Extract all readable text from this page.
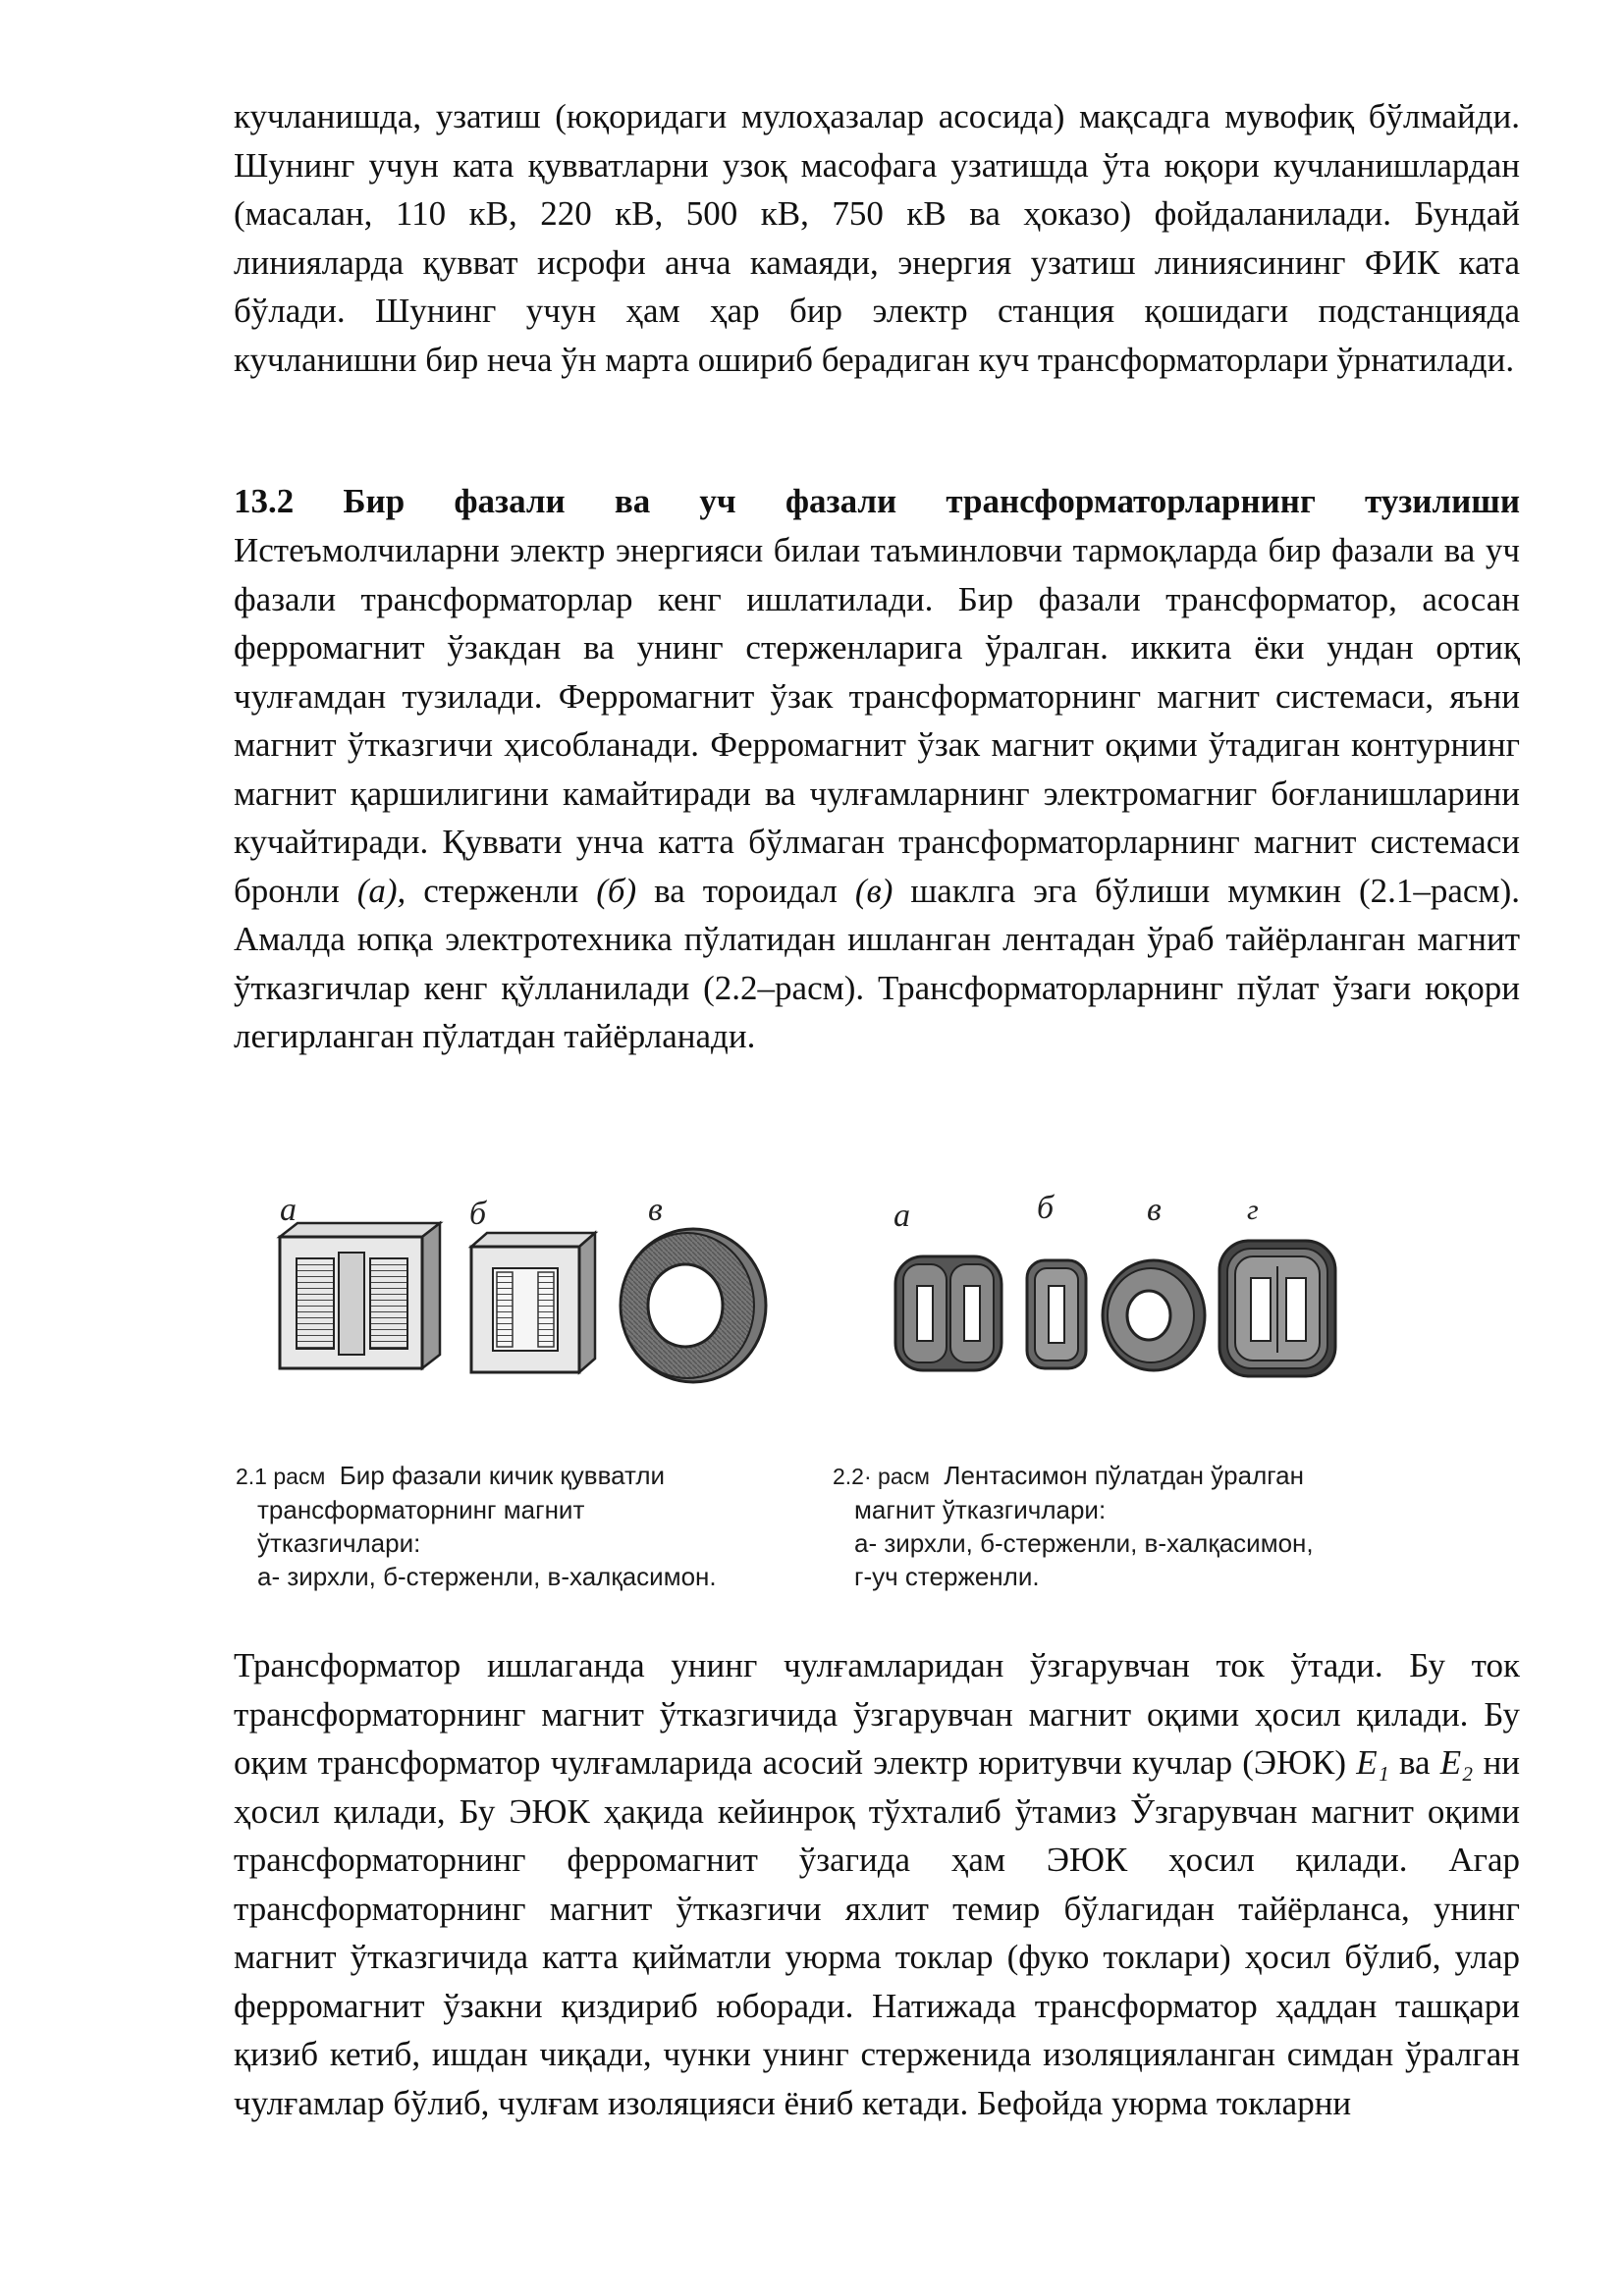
кучланишда, узатиш (юқоридаги мулоҳазалар асосида) мақсадга мувофиқ бўлмайди. Шунинг учун ката қувватларни узоқ масофага узатишда ўта юқори кучланишлардан (масалан, 110 кВ, 220 кВ, 500 кВ, 750 кВ ва ҳоказо) фойдаланилади. Бундай линияларда қувват исрофи анча камаяди, энергия узатиш линиясининг ФИК ката бўлади. Шунинг учун ҳам ҳар бир электр станция қошидаги подстанцияда кучланишни бир неча ўн марта ошириб берадиган куч трансформаторлари ўрнатилади.

13.2 Бир фазали ва уч фазали трансформаторларнинг тузилиши

Истеъмолчиларни электр энергияси билаи таъминловчи тармоқларда бир фазали ва уч фазали трансформаторлар кенг ишлатилади. Бир фазали трансформатор, асосан ферромагнит ўзакдан ва унинг стерженларига ўралган. иккита ёки ундан ортиқ чулғамдан тузилади. Ферромагнит ўзак трансформаторнинг магнит системаси, яъни магнит ўтказгичи ҳисобланади. Ферромагнит ўзак магнит оқими ўтадиган контурнинг магнит қаршилигини камайтиради ва чулғамларнинг электромагниг боғланишларини кучайтиради. Қуввати унча катта бўлмаган трансформаторларнинг магнит системаси бронли (а), стерженли (б) ва тороидал (в) шаклга эга бўлиши мумкин (2.1–расм). Амалда юпқа электротехника пўлатидан ишланган лентадан ўраб тайёрланган магнит ўтказгичлар кенг қўлланилади (2.2–расм). Трансформаторларнинг пўлат ўзаги юқори легирланган пўлатдан тайёрланади.

а	б	в	а	б	в	г
2.1 расм Бир фазали кичик қувватли
трансформаторнинг магнит
ўтказгичлари:
а- зирхли, б-стерженли, в-халқасимон.
2.2· расм Лентасимон пўлатдан ўралган
магнит ўтказгичлари:
а- зирхли, б-стерженли, в-халқасимон,
г-уч стерженли.

Трансформатор ишлаганда унинг чулғамларидан ўзгарувчан ток ўтади. Бу ток трансформаторнинг магнит ўтказгичида ўзгарувчан магнит оқими ҳосил қилади. Бу оқим трансформатор чулғамларида асосий электр юритувчи кучлар (ЭЮК) E₁ ва E₂ ни ҳосил қилади, Бу ЭЮК ҳақида кейинроқ тўхталиб ўтамиз Ўзгарувчан магнит оқими трансформаторнинг ферромагнит ўзагида ҳам ЭЮК ҳосил қилади. Агар трансформаторнинг магнит ўтказгичи яхлит темир бўлагидан тайёрланса, унинг магнит ўтказгичида катта қийматли уюрма токлар (фуко токлари) ҳосил бўлиб, улар ферромагнит ўзакни қиздириб юборади. Натижада трансформатор ҳаддан ташқари қизиб кетиб, ишдан чиқади, чунки унинг стерженида изоляцияланган симдан ўралган чулғамлар бўлиб, чулғам изоляцияси ёниб кетади. Бефойда уюрма токларни
